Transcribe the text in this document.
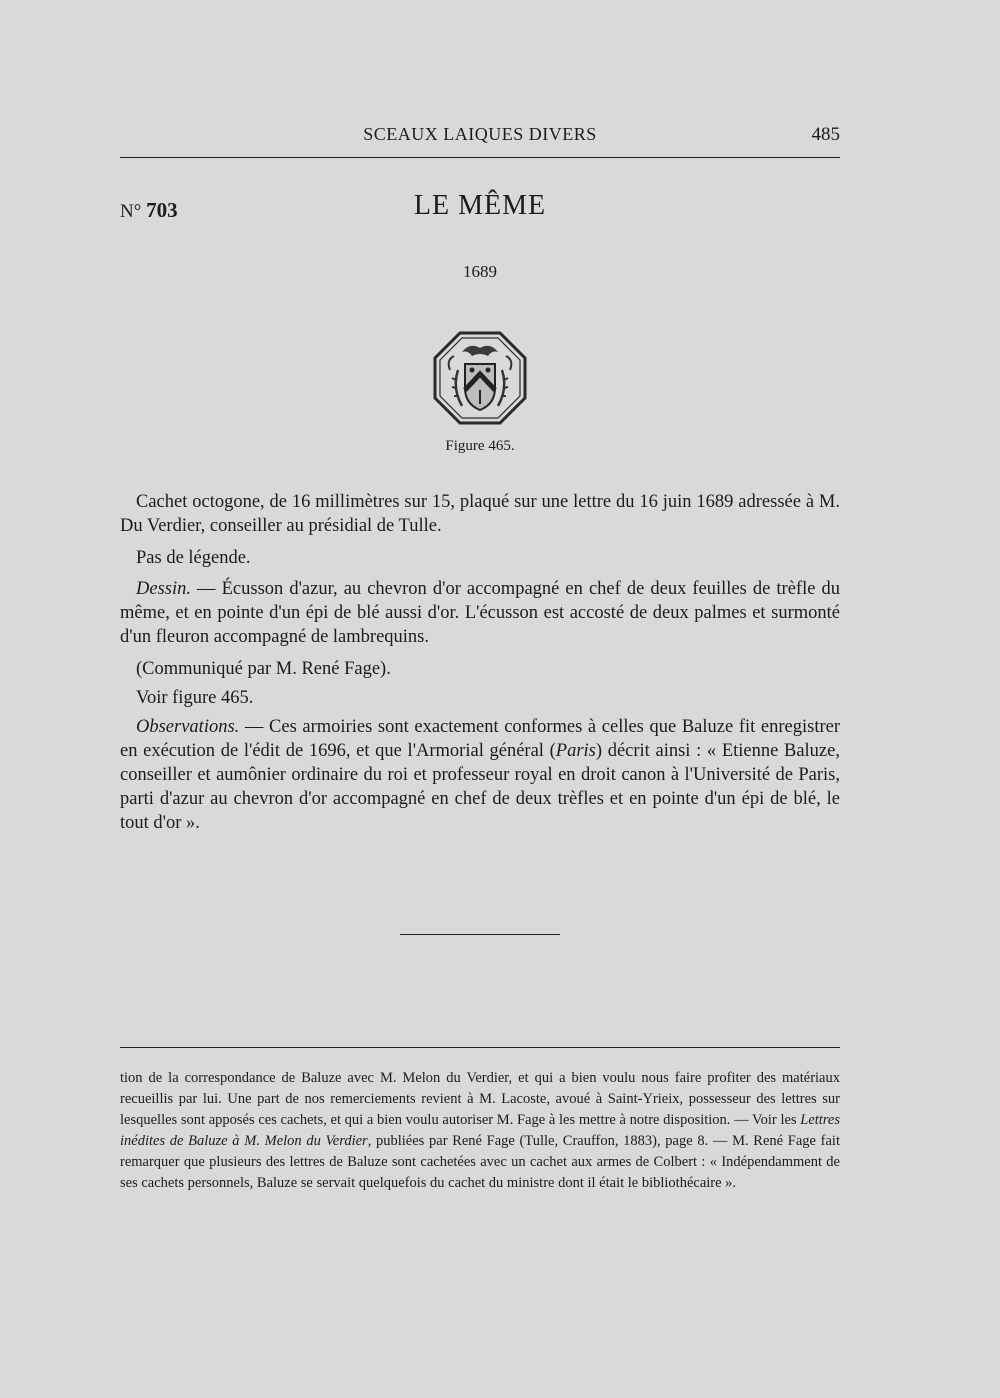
SCEAUX LAIQUES DIVERS	485
N° 703	LE MÊME
1689
Figure 465.

Cachet octogone, de 16 millimètres sur 15, plaqué sur une lettre du 16 juin 1689 adressée à M. Du Verdier, conseiller au présidial de Tulle.

Pas de légende.

Dessin. — Écusson d'azur, au chevron d'or accompagné en chef de deux feuilles de trèfle du même, et en pointe d'un épi de blé aussi d'or. L'écusson est accosté de deux palmes et surmonté d'un fleuron accompagné de lambrequins.

(Communiqué par M. René Fage).

Voir figure 465.

Observations. — Ces armoiries sont exactement conformes à celles que Baluze fit enregistrer en exécution de l'édit de 1696, et que l'Armorial général (Paris) décrit ainsi : « Etienne Baluze, conseiller et aumônier ordinaire du roi et professeur royal en droit canon à l'Université de Paris, parti d'azur au chevron d'or accompagné en chef de deux trèfles et en pointe d'un épi de blé, le tout d'or ».

tion de la correspondance de Baluze avec M. Melon du Verdier, et qui a bien voulu nous faire profiter des matériaux recueillis par lui. Une part de nos remerciements revient à M. Lacoste, avoué à Saint-Yrieix, possesseur des lettres sur lesquelles sont apposés ces cachets, et qui a bien voulu autoriser M. Fage à les mettre à notre disposition. — Voir les Lettres inédites de Baluze à M. Melon du Verdier, publiées par René Fage (Tulle, Crauffon, 1883), page 8. — M. René Fage fait remarquer que plusieurs des lettres de Baluze sont cachetées avec un cachet aux armes de Colbert : « Indépendamment de ses cachets personnels, Baluze se servait quelquefois du cachet du ministre dont il était le bibliothécaire ».
